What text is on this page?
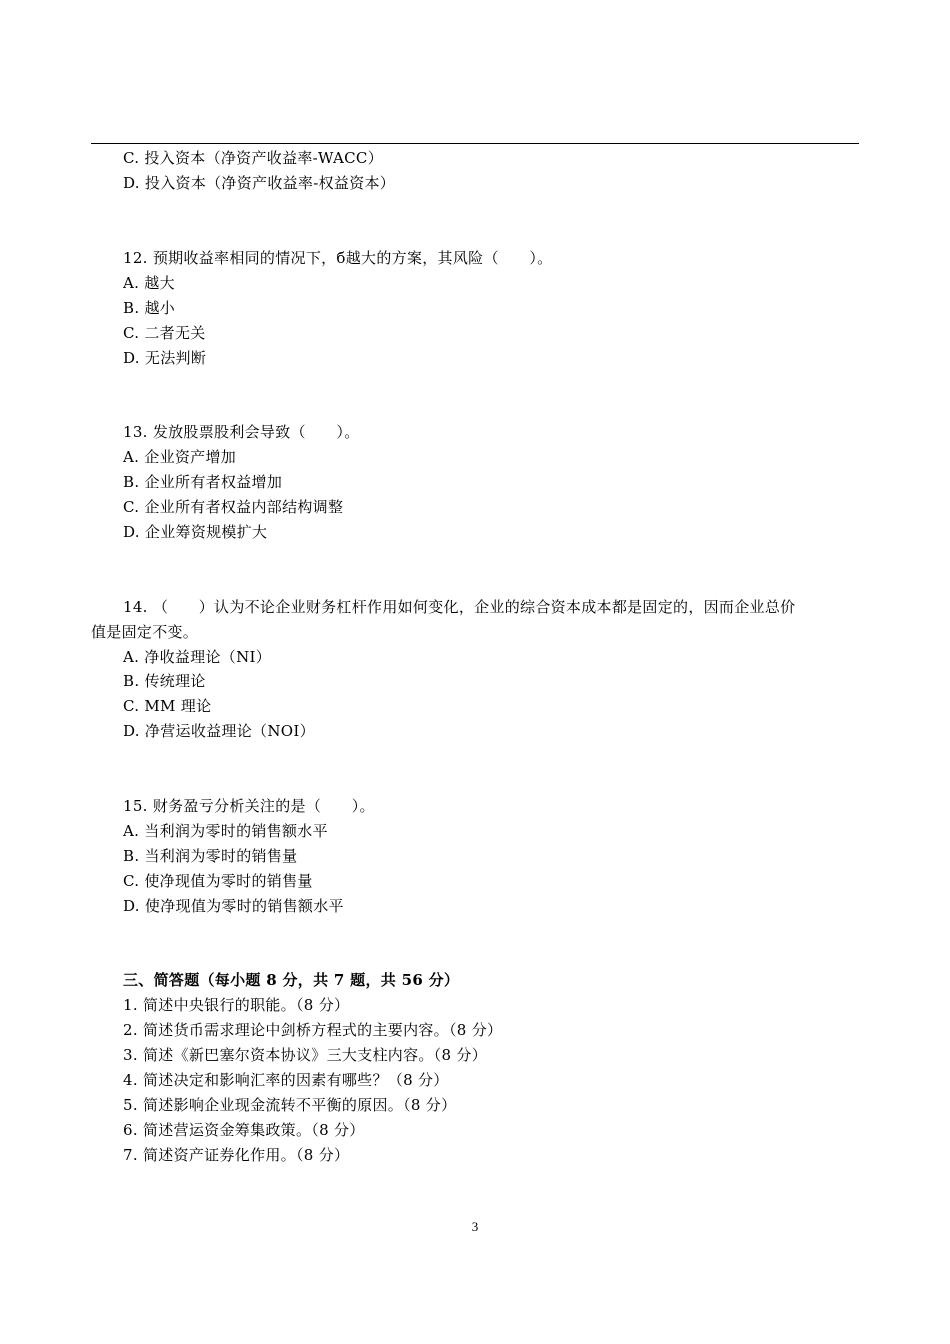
C. 投入资本（净资产收益率-WACC）
D. 投入资本（净资产收益率-权益资本）
12. 预期收益率相同的情况下，б越大的方案，其风险（　　）。
A. 越大
B. 越小
C. 二者无关
D. 无法判断
13. 发放股票股利会导致（　　）。
A. 企业资产增加
B. 企业所有者权益增加
C. 企业所有者权益内部结构调整
D. 企业筹资规模扩大
14. （　　）认为不论企业财务杠杆作用如何变化，企业的综合资本成本都是固定的，因而企业总价
值是固定不变。
A. 净收益理论（NI）
B. 传统理论
C. MM 理论
D. 净营运收益理论（NOI）
15. 财务盈亏分析关注的是（　　）。
A. 当利润为零时的销售额水平
B. 当利润为零时的销售量
C. 使净现值为零时的销售量
D. 使净现值为零时的销售额水平
三、简答题（每小题 8 分，共 7 题，共 56 分）
1. 简述中央银行的职能。（8 分）
2. 简述货币需求理论中剑桥方程式的主要内容。（8 分）
3. 简述《新巴塞尔资本协议》三大支柱内容。（8 分）
4. 简述决定和影响汇率的因素有哪些？（8 分）
5. 简述影响企业现金流转不平衡的原因。（8 分）
6. 简述营运资金筹集政策。（8 分）
7. 简述资产证券化作用。（8 分）
3
